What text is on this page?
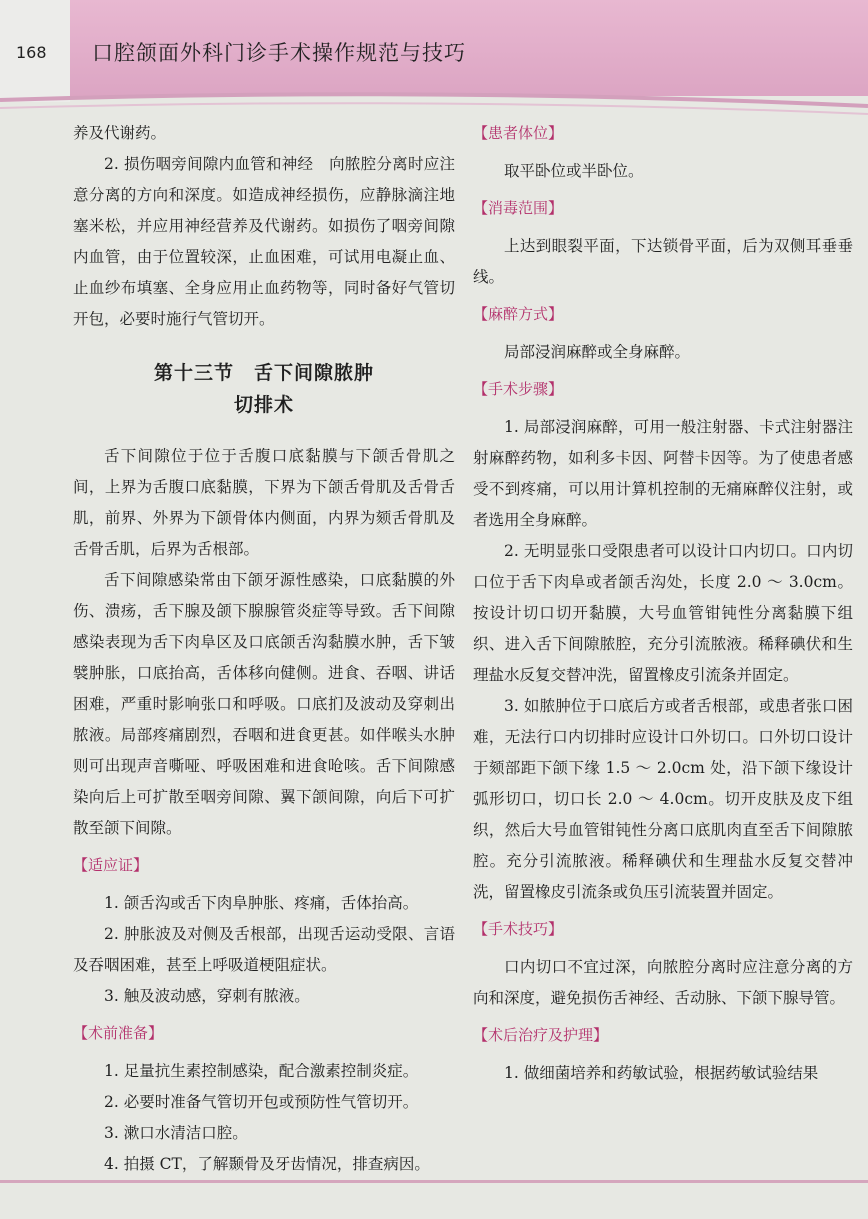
168 口腔颌面外科门诊手术操作规范与技巧

养及代谢药。

2. 损伤咽旁间隙内血管和神经　向脓腔分离时应注意分离的方向和深度。如造成神经损伤，应静脉滴注地塞米松，并应用神经营养及代谢药。如损伤了咽旁间隙内血管，由于位置较深，止血困难，可试用电凝止血、止血纱布填塞、全身应用止血药物等，同时备好气管切开包，必要时施行气管切开。

第十三节　舌下间隙脓肿
切排术

舌下间隙位于位于舌腹口底黏膜与下颌舌骨肌之间，上界为舌腹口底黏膜，下界为下颌舌骨肌及舌骨舌肌，前界、外界为下颌骨体内侧面，内界为颏舌骨肌及舌骨舌肌，后界为舌根部。

舌下间隙感染常由下颌牙源性感染，口底黏膜的外伤、溃疡，舌下腺及颌下腺腺管炎症等导致。舌下间隙感染表现为舌下肉阜区及口底颌舌沟黏膜水肿，舌下皱襞肿胀，口底抬高，舌体移向健侧。进食、吞咽、讲话困难，严重时影响张口和呼吸。口底扪及波动及穿刺出脓液。局部疼痛剧烈，吞咽和进食更甚。如伴喉头水肿则可出现声音嘶哑、呼吸困难和进食呛咳。舌下间隙感染向后上可扩散至咽旁间隙、翼下颌间隙，向后下可扩散至颌下间隙。

【适应证】

1. 颌舌沟或舌下肉阜肿胀、疼痛，舌体抬高。

2. 肿胀波及对侧及舌根部，出现舌运动受限、言语及吞咽困难，甚至上呼吸道梗阻症状。

3. 触及波动感，穿刺有脓液。

【术前准备】

1. 足量抗生素控制感染，配合激素控制炎症。

2. 必要时准备气管切开包或预防性气管切开。

3. 漱口水清洁口腔。

4. 拍摄 CT，了解颞骨及牙齿情况，排查病因。

【患者体位】

取平卧位或半卧位。

【消毒范围】

上达到眼裂平面，下达锁骨平面，后为双侧耳垂垂线。

【麻醉方式】

局部浸润麻醉或全身麻醉。

【手术步骤】

1. 局部浸润麻醉，可用一般注射器、卡式注射器注射麻醉药物，如利多卡因、阿替卡因等。为了使患者感受不到疼痛，可以用计算机控制的无痛麻醉仪注射，或者选用全身麻醉。

2. 无明显张口受限患者可以设计口内切口。口内切口位于舌下肉阜或者颌舌沟处，长度 2.0 ～ 3.0cm。按设计切口切开黏膜，大号血管钳钝性分离黏膜下组织、进入舌下间隙脓腔，充分引流脓液。稀释碘伏和生理盐水反复交替冲洗，留置橡皮引流条并固定。

3. 如脓肿位于口底后方或者舌根部，或患者张口困难，无法行口内切排时应设计口外切口。口外切口设计于颏部距下颌下缘 1.5 ～ 2.0cm 处，沿下颌下缘设计弧形切口，切口长 2.0 ～ 4.0cm。切开皮肤及皮下组织，然后大号血管钳钝性分离口底肌肉直至舌下间隙脓腔。充分引流脓液。稀释碘伏和生理盐水反复交替冲洗，留置橡皮引流条或负压引流装置并固定。

【手术技巧】

口内切口不宜过深，向脓腔分离时应注意分离的方向和深度，避免损伤舌神经、舌动脉、下颌下腺导管。

【术后治疗及护理】

1. 做细菌培养和药敏试验，根据药敏试验结果
